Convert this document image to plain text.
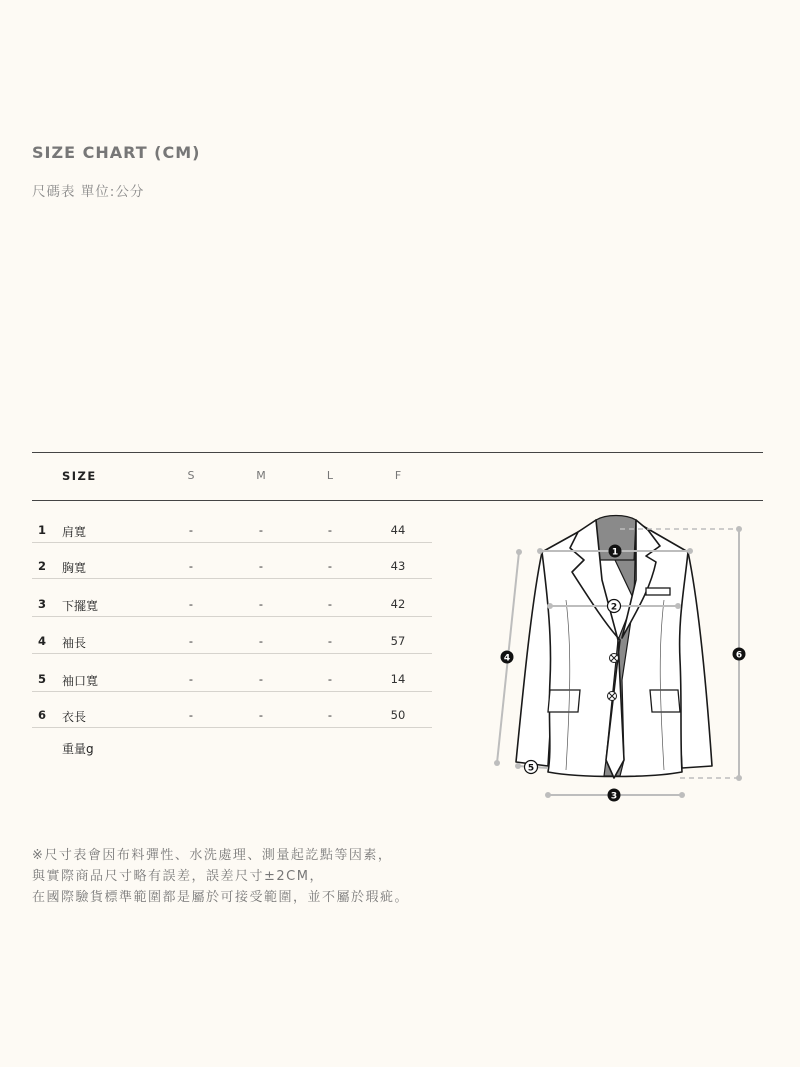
SIZE CHART (CM)
尺碼表 單位:公分
SIZE	S	M	L	F
1 肩寬	-	-	-	44
2 胸寬	-	-	-	43
3 下擺寬	-	-	-	42
4 袖長	-	-	-	57
5 袖口寬	-	-	-	14
6 衣長	-	-	-	50
重量g
1
2
3
4
5
6
※尺寸表會因布料彈性、水洗處理、測量起訖點等因素，
與實際商品尺寸略有誤差，誤差尺寸±2CM，
在國際驗貨標準範圍都是屬於可接受範圍，並不屬於瑕疵。
